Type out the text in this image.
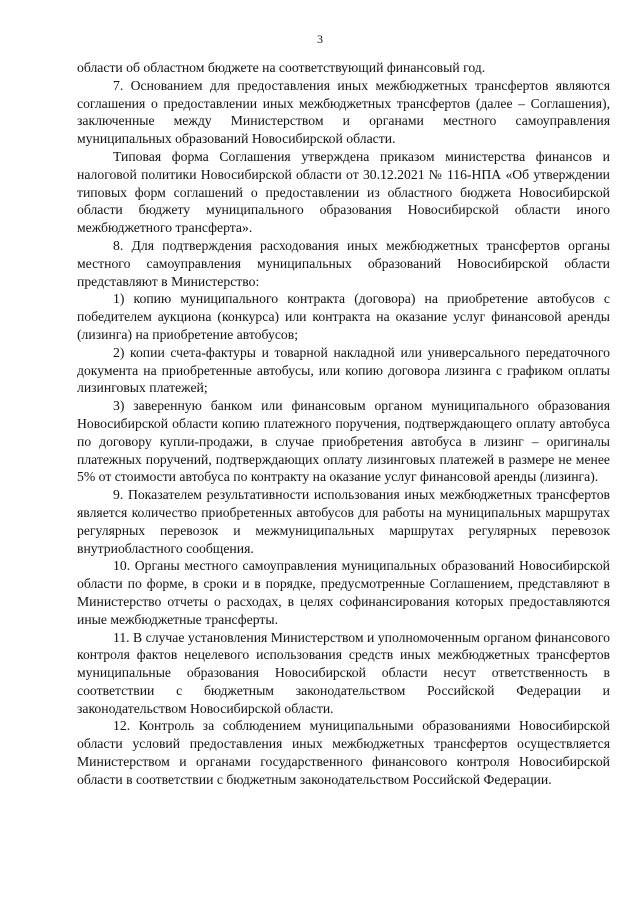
3

области об областном бюджете на соответствующий финансовый год.

7. Основанием для предоставления иных межбюджетных трансфертов являются соглашения о предоставлении иных межбюджетных трансфертов (далее – Соглашения), заключенные между Министерством и органами местного самоуправления муниципальных образований Новосибирской области.

Типовая форма Соглашения утверждена приказом министерства финансов и налоговой политики Новосибирской области от 30.12.2021 № 116-НПА «Об утверждении типовых форм соглашений о предоставлении из областного бюджета Новосибирской области бюджету муниципального образования Новосибирской области иного межбюджетного трансферта».

8. Для подтверждения расходования иных межбюджетных трансфертов органы местного самоуправления муниципальных образований Новосибирской области представляют в Министерство:

1) копию муниципального контракта (договора) на приобретение автобусов с победителем аукциона (конкурса) или контракта на оказание услуг финансовой аренды (лизинга) на приобретение автобусов;

2) копии счета-фактуры и товарной накладной или универсального передаточного документа на приобретенные автобусы, или копию договора лизинга с графиком оплаты лизинговых платежей;

3) заверенную банком или финансовым органом муниципального образования Новосибирской области копию платежного поручения, подтверждающего оплату автобуса по договору купли-продажи, в случае приобретения автобуса в лизинг – оригиналы платежных поручений, подтверждающих оплату лизинговых платежей в размере не менее 5% от стоимости автобуса по контракту на оказание услуг финансовой аренды (лизинга).

9. Показателем результативности использования иных межбюджетных трансфертов является количество приобретенных автобусов для работы на муниципальных маршрутах регулярных перевозок и межмуниципальных маршрутах регулярных перевозок внутриобластного сообщения.

10. Органы местного самоуправления муниципальных образований Новосибирской области по форме, в сроки и в порядке, предусмотренные Соглашением, представляют в Министерство отчеты о расходах, в целях софинансирования которых предоставляются иные межбюджетные трансферты.

11. В случае установления Министерством и уполномоченным органом финансового контроля фактов нецелевого использования средств иных межбюджетных трансфертов муниципальные образования Новосибирской области несут ответственность в соответствии с бюджетным законодательством Российской Федерации и законодательством Новосибирской области.

12. Контроль за соблюдением муниципальными образованиями Новосибирской области условий предоставления иных межбюджетных трансфертов осуществляется Министерством и органами государственного финансового контроля Новосибирской области в соответствии с бюджетным законодательством Российской Федерации.
